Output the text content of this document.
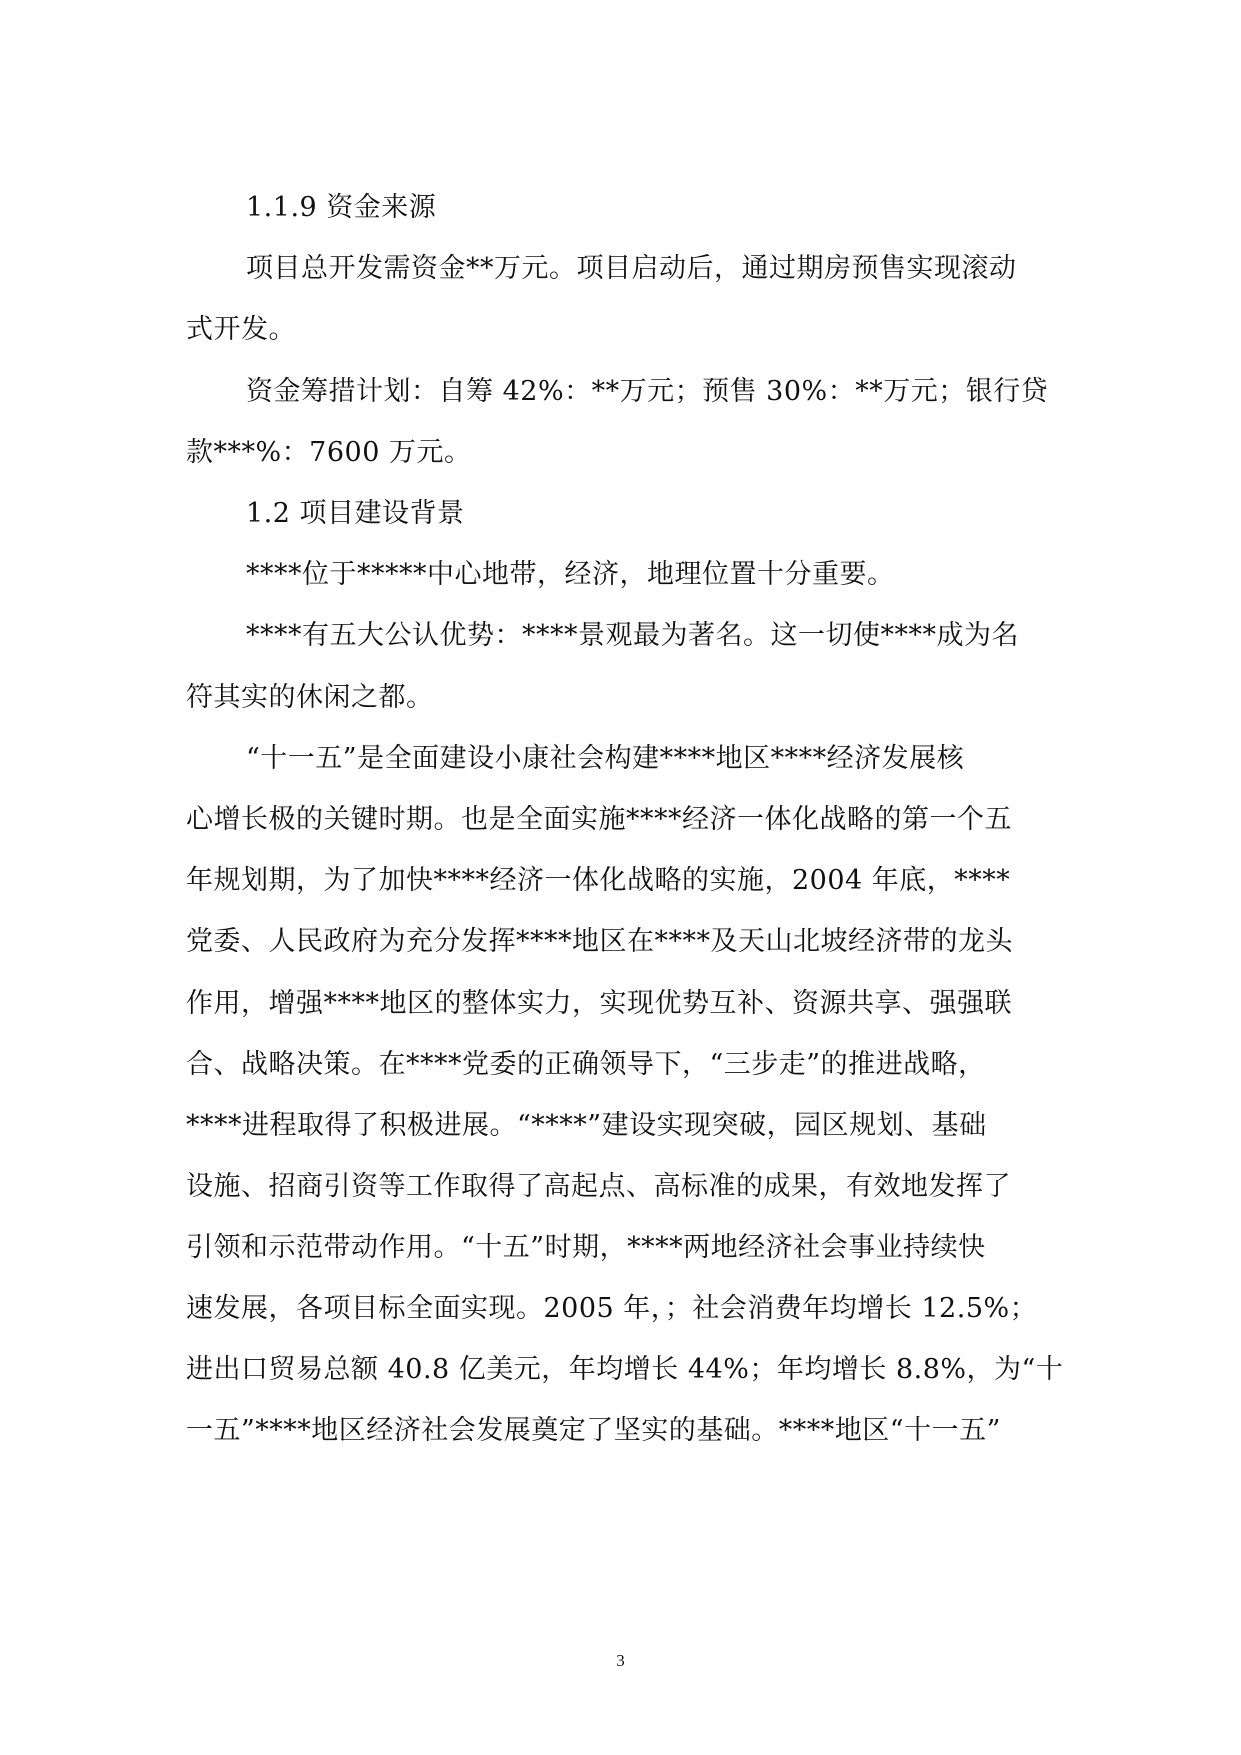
1.1.9 资金来源
项目总开发需资金**万元。项目启动后，通过期房预售实现滚动
式开发。
资金筹措计划：自筹 42%：**万元；预售 30%：**万元；银行贷
款***%：7600 万元。
1.2 项目建设背景
****位于*****中心地带，经济，地理位置十分重要。
****有五大公认优势：****景观最为著名。这一切使****成为名
符其实的休闲之都。
“十一五”是全面建设小康社会构建****地区****经济发展核
心增长极的关键时期。也是全面实施****经济一体化战略的第一个五
年规划期，为了加快****经济一体化战略的实施，2004 年底，****
党委、人民政府为充分发挥****地区在****及天山北坡经济带的龙头
作用，增强****地区的整体实力，实现优势互补、资源共享、强强联
合、战略决策。在****党委的正确领导下，“三步走”的推进战略，
****进程取得了积极进展。“****”建设实现突破，园区规划、基础
设施、招商引资等工作取得了高起点、高标准的成果，有效地发挥了
引领和示范带动作用。“十五”时期，****两地经济社会事业持续快
速发展，各项目标全面实现。2005 年，；社会消费年均增长 12.5%；
进出口贸易总额 40.8 亿美元，年均增长 44%；年均增长 8.8%，为“十
一五”****地区经济社会发展奠定了坚实的基础。****地区“十一五”
3
